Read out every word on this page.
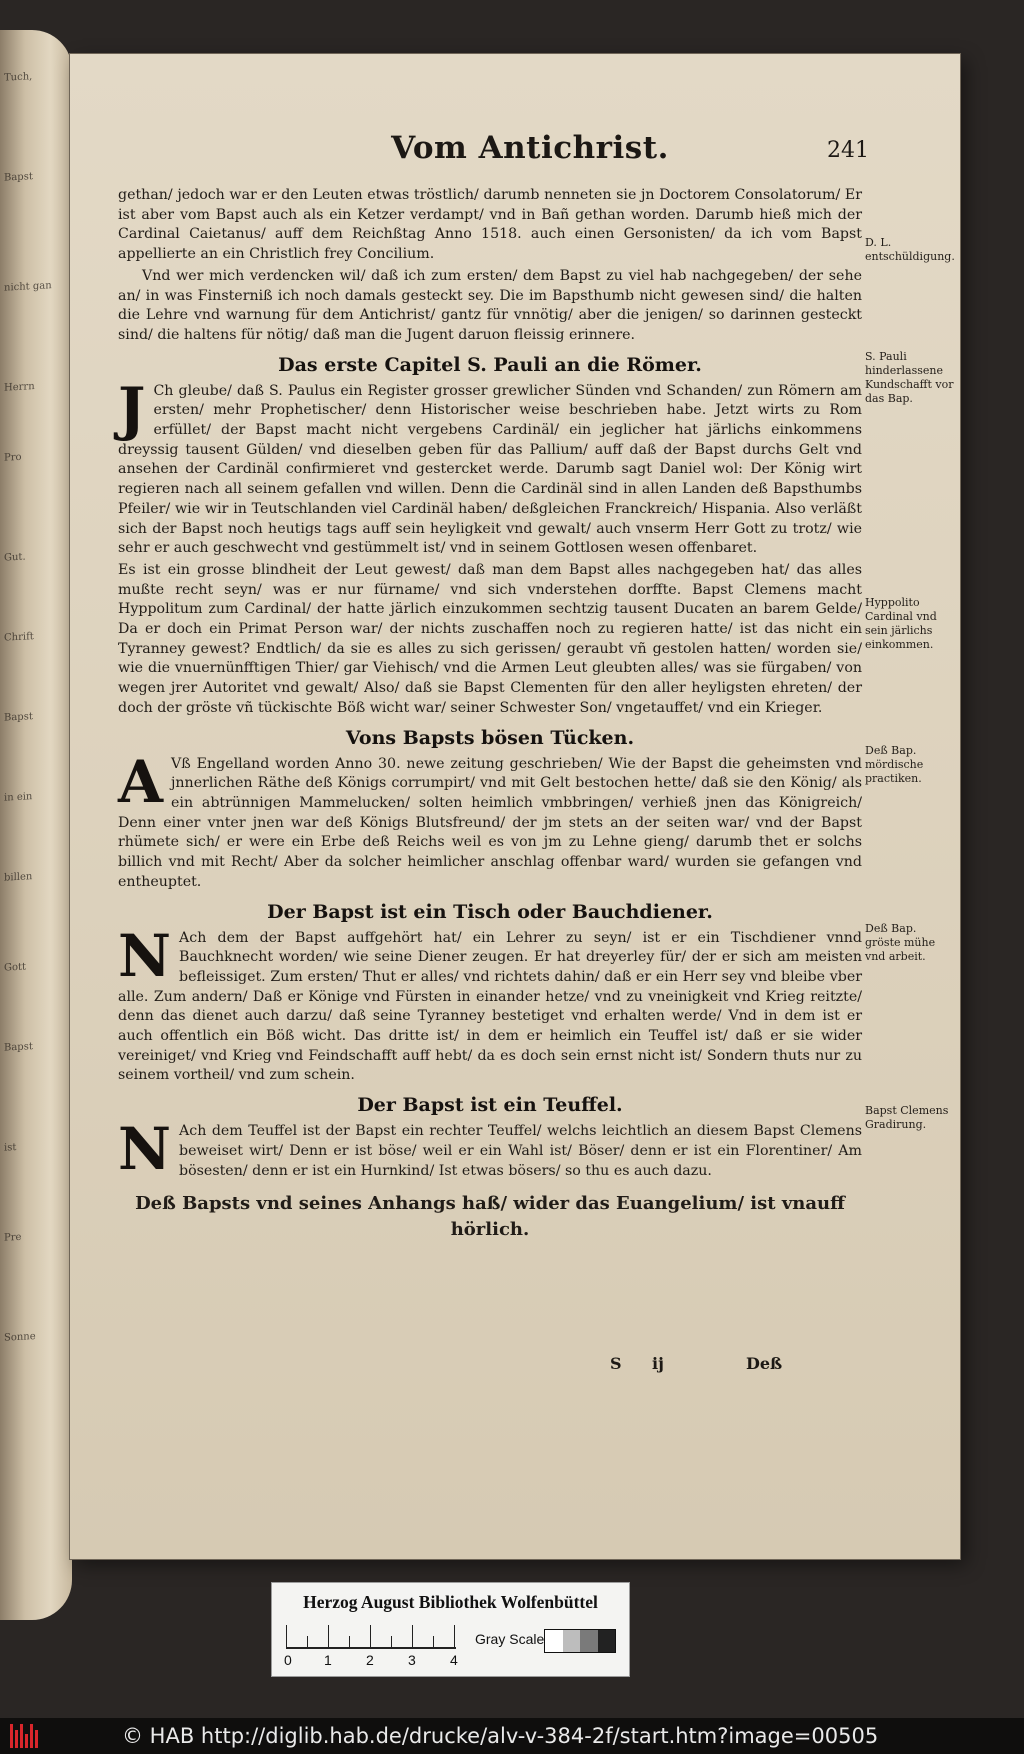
Tuch,
Bapst
nicht gan
Herrn
Pro
Gut.
Chrift
Bapst
in ein
billen
Gott
Bapst
ist
Pre
Sonne
Vom Antichrist.	241

gethan/ jedoch war er den Leuten etwas tröstlich/ darumb nenneten sie jn Doctorem Consolatorum/ Er ist aber vom Bapst auch als ein Ketzer verdampt/ vnd in Bañ gethan worden. Darumb hieß mich der Cardinal Caietanus/ auff dem Reichßtag Anno 1518. auch einen Gersonisten/ da ich vom Bapst appellierte an ein Christlich frey Concilium.

Vnd wer mich verdencken wil/ daß ich zum ersten/ dem Bapst zu viel hab nachgegeben/ der sehe an/ in was Finsterniß ich noch damals gesteckt sey. Die im Bapsthumb nicht gewesen sind/ die halten die Lehre vnd warnung für dem Antichrist/ gantz für vnnötig/ aber die jenigen/ so darinnen gesteckt sind/ die haltens für nötig/ daß man die Jugent daruon fleissig erinnere.

Das erste Capitel S. Pauli an die Römer.

J Ch gleube/ daß S. Paulus ein Register grosser grewlicher Sünden vnd Schanden/ zun Römern am ersten/ mehr Prophetischer/ denn Historischer weise beschrieben habe. Jetzt wirts zu Rom erfüllet/ der Bapst macht nicht vergebens Cardinäl/ ein jeglicher hat järlichs einkommens dreyssig tausent Gülden/ vnd dieselben geben für das Pallium/ auff daß der Bapst durchs Gelt vnd ansehen der Cardinäl confirmieret vnd gestercket werde. Darumb sagt Daniel wol: Der König wirt regieren nach all seinem gefallen vnd willen. Denn die Cardinäl sind in allen Landen deß Bapsthumbs Pfeiler/ wie wir in Teutschlanden viel Cardinäl haben/ deßgleichen Franckreich/ Hispania. Also verläßt sich der Bapst noch heutigs tags auff sein heyligkeit vnd gewalt/ auch vnserm Herr Gott zu trotz/ wie sehr er auch geschwecht vnd gestümmelt ist/ vnd in seinem Gottlosen wesen offenbaret.

Es ist ein grosse blindheit der Leut gewest/ daß man dem Bapst alles nachgegeben hat/ das alles mußte recht seyn/ was er nur fürname/ vnd sich vnderstehen dorffte. Bapst Clemens macht Hyppolitum zum Cardinal/ der hatte järlich einzukommen sechtzig tausent Ducaten an barem Gelde/ Da er doch ein Primat Person war/ der nichts zuschaffen noch zu regieren hatte/ ist das nicht ein Tyranney gewest? Endtlich/ da sie es alles zu sich gerissen/ geraubt vñ gestolen hatten/ worden sie/ wie die vnuernünfftigen Thier/ gar Viehisch/ vnd die Armen Leut gleubten alles/ was sie fürgaben/ von wegen jrer Autoritet vnd gewalt/ Also/ daß sie Bapst Clementen für den aller heyligsten ehreten/ der doch der gröste vñ tückischte Böß wicht war/ seiner Schwester Son/ vngetauffet/ vnd ein Krieger.

Vons Bapsts bösen Tücken.

A Vß Engelland worden Anno 30. newe zeitung geschrieben/ Wie der Bapst die geheimsten vnd jnnerlichen Räthe deß Königs corrumpirt/ vnd mit Gelt bestochen hette/ daß sie den König/ als ein abtrünnigen Mammelucken/ solten heimlich vmbbringen/ verhieß jnen das Königreich/ Denn einer vnter jnen war deß Königs Blutsfreund/ der jm stets an der seiten war/ vnd der Bapst rhümete sich/ er were ein Erbe deß Reichs weil es von jm zu Lehne gieng/ darumb thet er solchs billich vnd mit Recht/ Aber da solcher heimlicher anschlag offenbar ward/ wurden sie gefangen vnd entheuptet.

Der Bapst ist ein Tisch oder Bauchdiener.

N Ach dem der Bapst auffgehört hat/ ein Lehrer zu seyn/ ist er ein Tischdiener vnnd Bauchknecht worden/ wie seine Diener zeugen. Er hat dreyerley für/ der er sich am meisten befleissiget. Zum ersten/ Thut er alles/ vnd richtets dahin/ daß er ein Herr sey vnd bleibe vber alle. Zum andern/ Daß er Könige vnd Fürsten in einander hetze/ vnd zu vneinigkeit vnd Krieg reitzte/ denn das dienet auch darzu/ daß seine Tyranney bestetiget vnd erhalten werde/ Vnd in dem ist er auch offentlich ein Böß wicht. Das dritte ist/ in dem er heimlich ein Teuffel ist/ daß er sie wider vereiniget/ vnd Krieg vnd Feindschafft auff hebt/ da es doch sein ernst nicht ist/ Sondern thuts nur zu seinem vortheil/ vnd zum schein.

Der Bapst ist ein Teuffel.

N Ach dem Teuffel ist der Bapst ein rechter Teuffel/ welchs leichtlich an diesem Bapst Clemens beweiset wirt/ Denn er ist böse/ weil er ein Wahl ist/ Böser/ denn er ist ein Florentiner/ Am bösesten/ denn er ist ein Hurnkind/ Ist etwas bösers/ so thu es auch dazu.

Deß Bapsts vnd seines Anhangs haß/ wider das Euangelium/ ist vnauff hörlich.
S ij	Deß
D. L. entschüldigung.
S. Pauli hinderlassene Kundschafft vor das Bap.
Hyppolito Cardinal vnd sein järlichs einkommen.
Deß Bap. mördische practiken.
Deß Bap. gröste mühe vnd arbeit.
Bapst Clemens Gradirung.
Herzog August Bibliothek Wolfenbüttel
0 1 2 3 4
Gray Scale
© HAB http://diglib.hab.de/drucke/alv-v-384-2f/start.htm?image=00505
